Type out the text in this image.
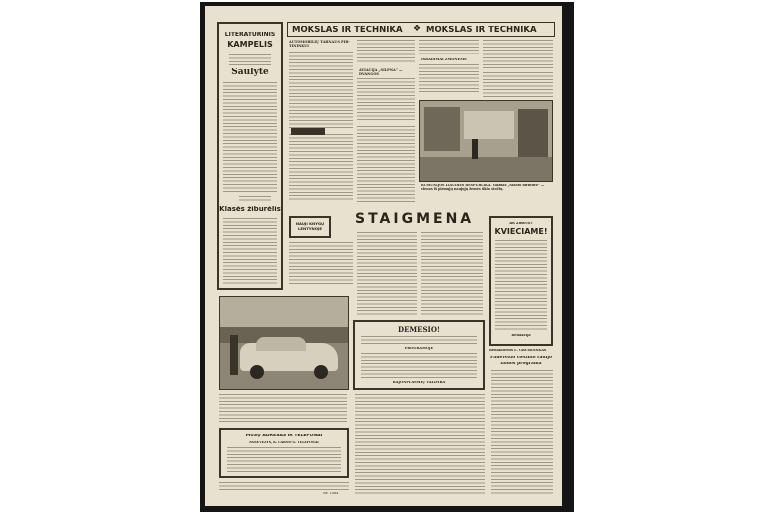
LITERATŪRINIS
KAMPELIS
Saulytė
Klasės žiburėlis
MOKSLAS IR TECHNIKA ❖ MOKSLAS IR TECHNIKA
AUTOMOBILIŲ TARNAUS PIR-TININKUI
AVIACIJA „SILPNA“ — DVANGOS
ISRADIMAI ŽMONĖMS
RUMUNIJOS LIAUDIES RESPUBLIKA. Vaizdas „Staržo dirbtuvė“ — vienos iš pirmųjų naujųjų žemės ūkio stočių.
NAUJI KNYGŲ LENTYNOJE
STAIGMENA	AR ŽINOTE?
KVIEČIAME!
Redakcija
DĖMESIO!
PROGRAMOJE
RAJONPLASMIŲ VALDYBA
Redaktorius L. GRUBINSKAS
Panevėžio vietinio radijo
laidos programa
MŪSŲ ADRESAS IR TELEFONAI
PANEVĖŽYS, K. ČARNO G. TELEFONAI
Nr. 1584
